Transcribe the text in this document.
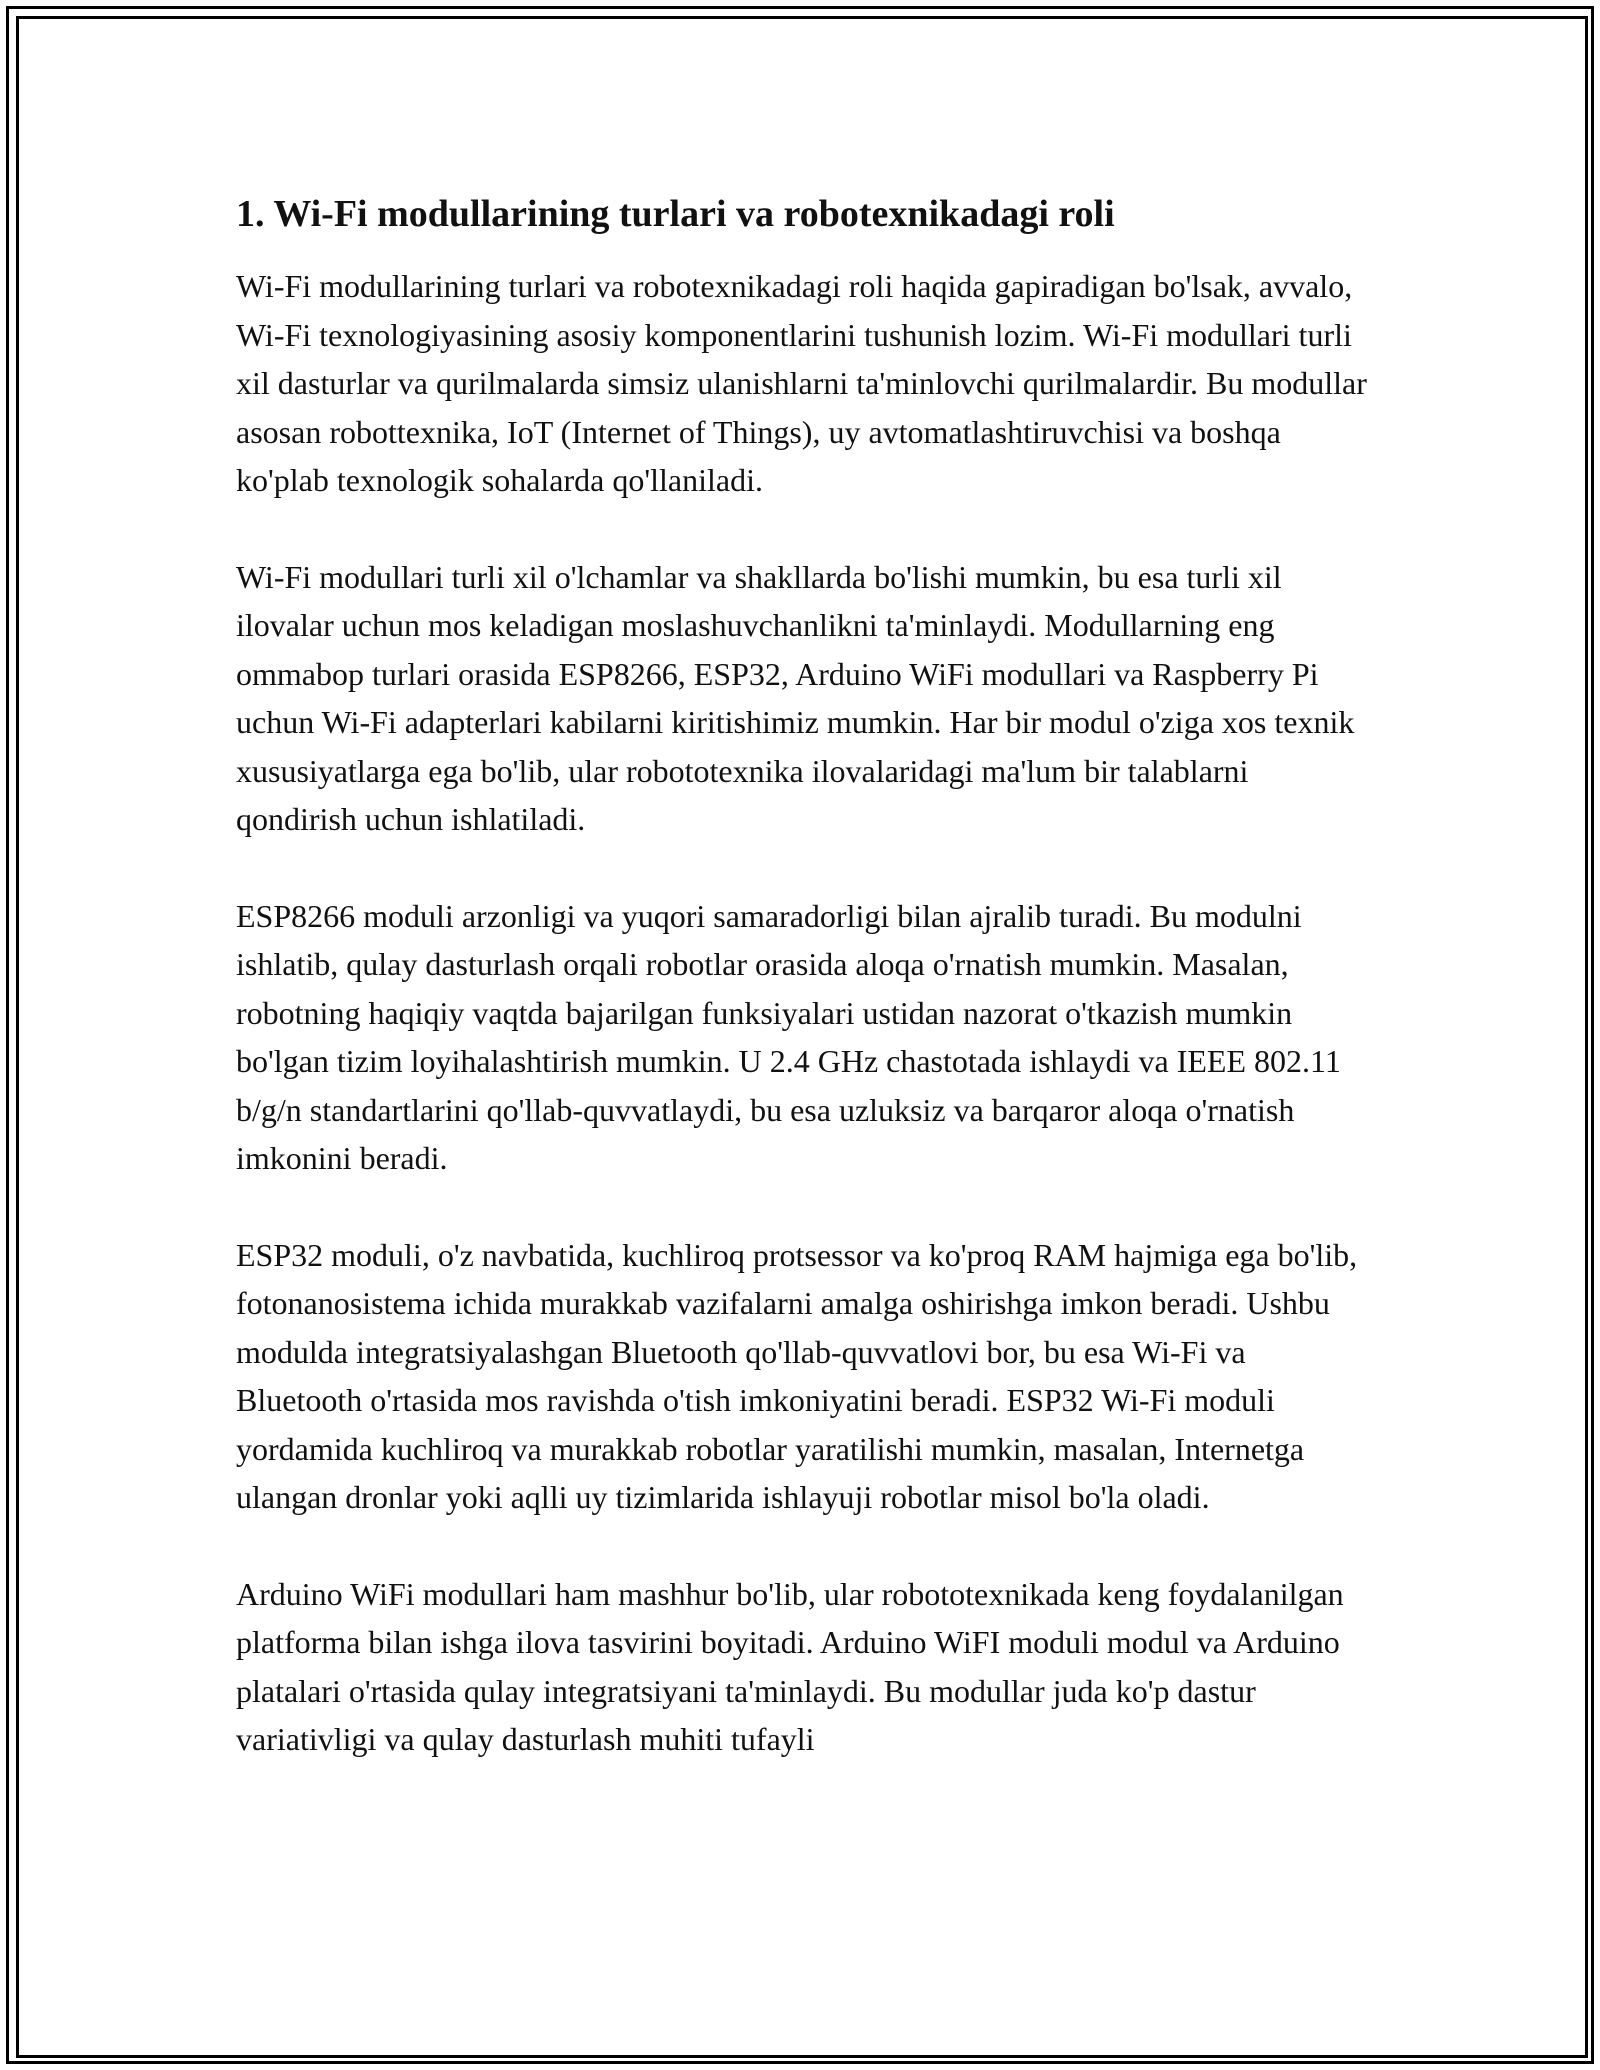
1. Wi-Fi modullarining turlari va robotexnikadagi roli

Wi-Fi modullarining turlari va robotexnikadagi roli haqida gapiradigan bo'lsak, avvalo, Wi-Fi texnologiyasining asosiy komponentlarini tushunish lozim. Wi-Fi modullari turli xil dasturlar va qurilmalarda simsiz ulanishlarni ta'minlovchi qurilmalardir. Bu modullar asosan robottexnika, IoT (Internet of Things), uy avtomatlashtiruvchisi va boshqa ko'plab texnologik sohalarda qo'llaniladi.

Wi-Fi modullari turli xil o'lchamlar va shakllarda bo'lishi mumkin, bu esa turli xil ilovalar uchun mos keladigan moslashuvchanlikni ta'minlaydi. Modullarning eng ommabop turlari orasida ESP8266, ESP32, Arduino WiFi modullari va Raspberry Pi uchun Wi-Fi adapterlari kabilarni kiritishimiz mumkin. Har bir modul o'ziga xos texnik xususiyatlarga ega bo'lib, ular robototexnika ilovalaridagi ma'lum bir talablarni qondirish uchun ishlatiladi.

ESP8266 moduli arzonligi va yuqori samaradorligi bilan ajralib turadi. Bu modulni ishlatib, qulay dasturlash orqali robotlar orasida aloqa o'rnatish mumkin. Masalan, robotning haqiqiy vaqtda bajarilgan funksiyalari ustidan nazorat o'tkazish mumkin bo'lgan tizim loyihalashtirish mumkin. U 2.4 GHz chastotada ishlaydi va IEEE 802.11 b/g/n standartlarini qo'llab-quvvatlaydi, bu esa uzluksiz va barqaror aloqa o'rnatish imkonini beradi.

ESP32 moduli, o'z navbatida, kuchliroq protsessor va ko'proq RAM hajmiga ega bo'lib, fotonanosistema ichida murakkab vazifalarni amalga oshirishga imkon beradi. Ushbu modulda integratsiyalashgan Bluetooth qo'llab-quvvatlovi bor, bu esa Wi-Fi va Bluetooth o'rtasida mos ravishda o'tish imkoniyatini beradi. ESP32 Wi-Fi moduli yordamida kuchliroq va murakkab robotlar yaratilishi mumkin, masalan, Internetga ulangan dronlar yoki aqlli uy tizimlarida ishlayuji robotlar misol bo'la oladi.

Arduino WiFi modullari ham mashhur bo'lib, ular robototexnikada keng foydalanilgan platforma bilan ishga ilova tasvirini boyitadi. Arduino WiFI moduli modul va Arduino platalari o'rtasida qulay integratsiyani ta'minlaydi. Bu modullar juda ko'p dastur variativligi va qulay dasturlash muhiti tufayli
